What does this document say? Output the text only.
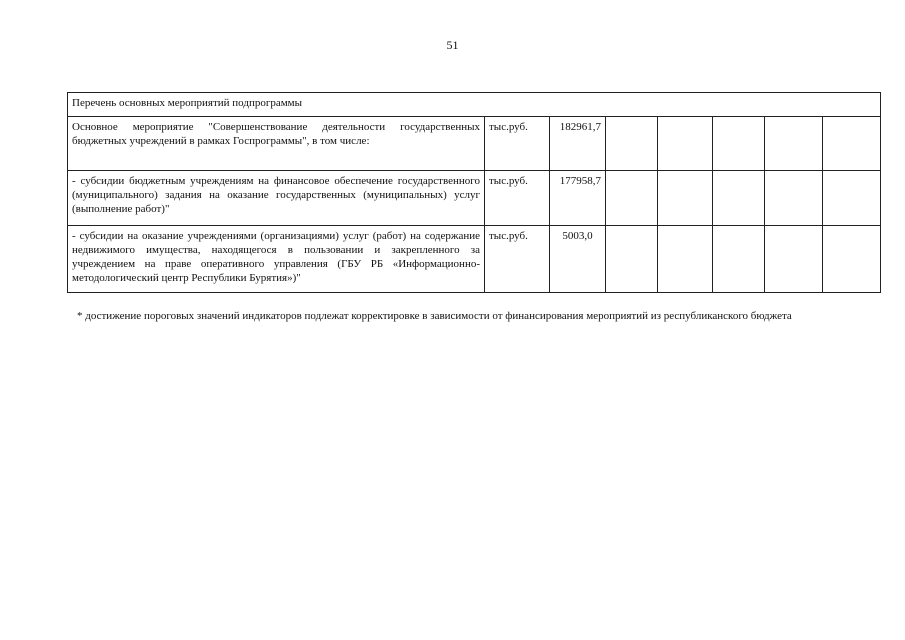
51
Перечень основных мероприятий подпрограммы							
Основное мероприятие "Совершенствование деятельности государственных бюджетных учреждений в рамках Госпрограммы", в том числе:	тыс.руб.	182961,7					
- субсидии бюджетным учреждениям на финансовое обеспечение государственного (муниципального) задания на оказание государственных (муниципальных) услуг (выполнение работ)"	тыс.руб.	177958,7					
- субсидии на оказание учреждениями (организациями) услуг (работ) на содержание недвижимого имущества, находящегося в пользовании и закрепленного за учреждением на праве оперативного управления (ГБУ РБ «Информационно-методологический центр Республики Бурятия»)"	тыс.руб.	5003,0					
* достижение пороговых значений индикаторов подлежат корректировке в зависимости от финансирования мероприятий из республиканского бюджета
